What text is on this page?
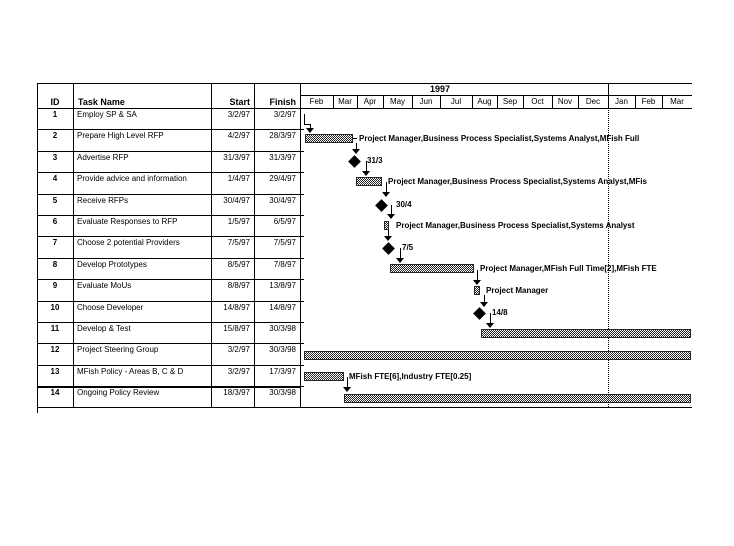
ID	Task Name	Start	Finish
1997
Feb	Mar	Apr	May	Jun	Jul	Aug	Sep	Oct	Nov	Dec	Jan	Feb	Mar
1	Employ SP & SA	3/2/97	3/2/97
2	Prepare High Level RFP	4/2/97	28/3/97
3	Advertise RFP	31/3/97	31/3/97
4	Provide advice and information	1/4/97	29/4/97
5	Receive RFPs	30/4/97	30/4/97
6	Evaluate Responses to RFP	1/5/97	6/5/97
7	Choose 2 potential Providers	7/5/97	7/5/97
8	Develop Prototypes	8/5/97	7/8/97
9	Evaluate MoUs	8/8/97	13/8/97
10	Choose Developer	14/8/97	14/8/97
11	Develop & Test	15/8/97	30/3/98
12	Project Steering Group	3/2/97	30/3/98
13	MFish Policy - Areas B, C & D	3/2/97	17/3/97
14	Ongoing Policy Review	18/3/97	30/3/98
Project Manager,Business Process Specialist,Systems Analyst,MFish Full
31/3
Project Manager,Business Process Specialist,Systems Analyst,MFis
30/4
Project Manager,Business Process Specialist,Systems Analyst
7/5
Project Manager,MFish Full Time[2],MFish FTE
Project Manager
14/8
MFish FTE[6],Industry FTE[0.25]
